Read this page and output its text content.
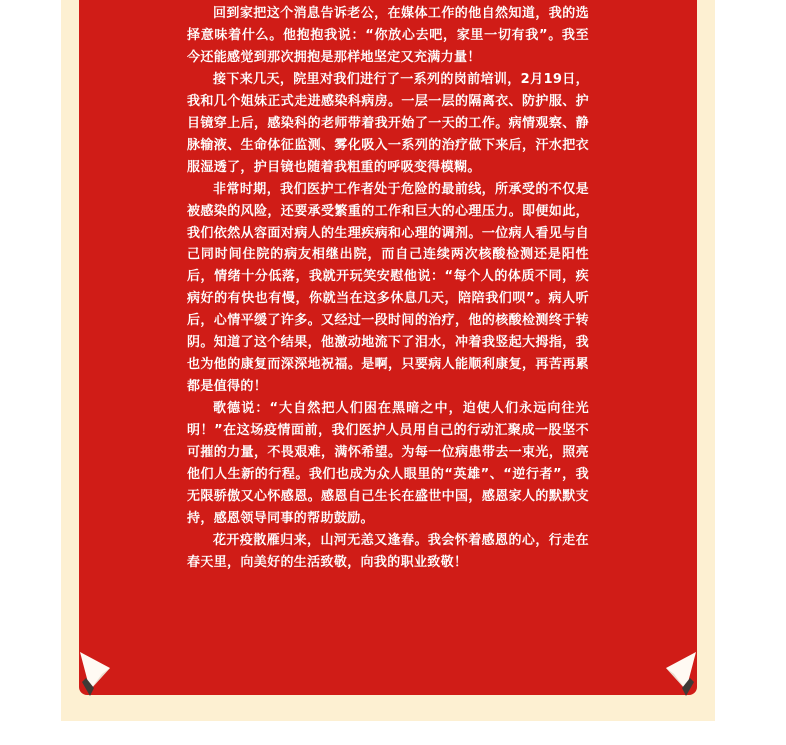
回到家把这个消息告诉老公，在媒体工作的他自然知道，我的选择意味着什么。他抱抱我说：“你放心去吧，家里一切有我”。我至今还能感觉到那次拥抱是那样地坚定又充满力量！

接下来几天，院里对我们进行了一系列的岗前培训，2月19日，我和几个姐妹正式走进感染科病房。一层一层的隔离衣、防护服、护目镜穿上后，感染科的老师带着我开始了一天的工作。病情观察、静脉输液、生命体征监测、雾化吸入一系列的治疗做下来后，汗水把衣服湿透了，护目镜也随着我粗重的呼吸变得模糊。

非常时期，我们医护工作者处于危险的最前线，所承受的不仅是被感染的风险，还要承受繁重的工作和巨大的心理压力。即便如此，我们依然从容面对病人的生理疾病和心理的调剂。一位病人看见与自己同时间住院的病友相继出院，而自己连续两次核酸检测还是阳性后，情绪十分低落，我就开玩笑安慰他说：“每个人的体质不同，疾病好的有快也有慢，你就当在这多休息几天，陪陪我们呗”。病人听后，心情平缓了许多。又经过一段时间的治疗，他的核酸检测终于转阴。知道了这个结果，他激动地流下了泪水，冲着我竖起大拇指，我也为他的康复而深深地祝福。是啊，只要病人能顺利康复，再苦再累都是值得的！

歌德说：“大自然把人们困在黑暗之中，迫使人们永远向往光明！”在这场疫情面前，我们医护人员用自己的行动汇聚成一股坚不可摧的力量，不畏艰难，满怀希望。为每一位病患带去一束光，照亮他们人生新的行程。我们也成为众人眼里的“英雄”、“逆行者”，我无限骄傲又心怀感恩。感恩自己生长在盛世中国，感恩家人的默默支持，感恩领导同事的帮助鼓励。

花开疫散雁归来，山河无恙又逢春。我会怀着感恩的心，行走在春天里，向美好的生活致敬，向我的职业致敬！
